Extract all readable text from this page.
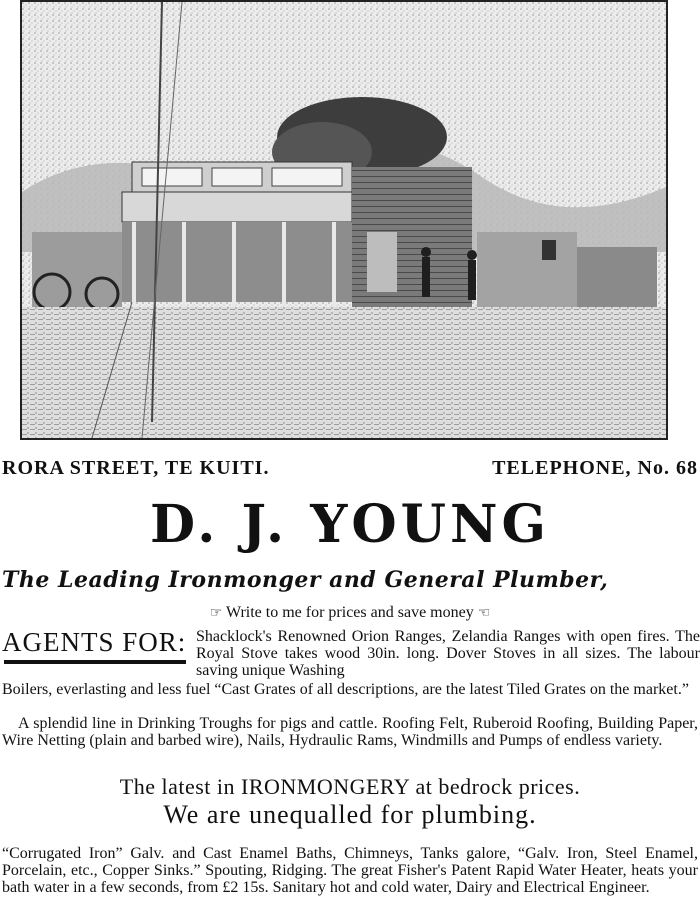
RORA STREET, TE KUITI.	TELEPHONE, No. 68
D. J. YOUNG
The Leading Ironmonger and General Plumber,
☞ Write to me for prices and save money ☜
AGENTS FOR: Shacklock's Renowned Orion Ranges, Zelandia Ranges with open fires. The Royal Stove takes wood 30in. long. Dover Stoves in all sizes. The labour saving unique Washing
Boilers, everlasting and less fuel “Cast Grates of all descriptions, are the latest Tiled Grates on the market.”
A splendid line in Drinking Troughs for pigs and cattle. Roofing Felt, Ruberoid Roofing, Building Paper, Wire Netting (plain and barbed wire), Nails, Hydraulic Rams, Windmills and Pumps of endless variety.
The latest in IRONMONGERY at bedrock prices.
We are unequalled for plumbing.
“Corrugated Iron” Galv. and Cast Enamel Baths, Chimneys, Tanks galore, “Galv. Iron, Steel Enamel, Porcelain, etc., Copper Sinks.” Spouting, Ridging. The great Fisher's Patent Rapid Water Heater, heats your bath water in a few seconds, from £2 15s. Sanitary hot and cold water, Dairy and Electrical Engineer.
